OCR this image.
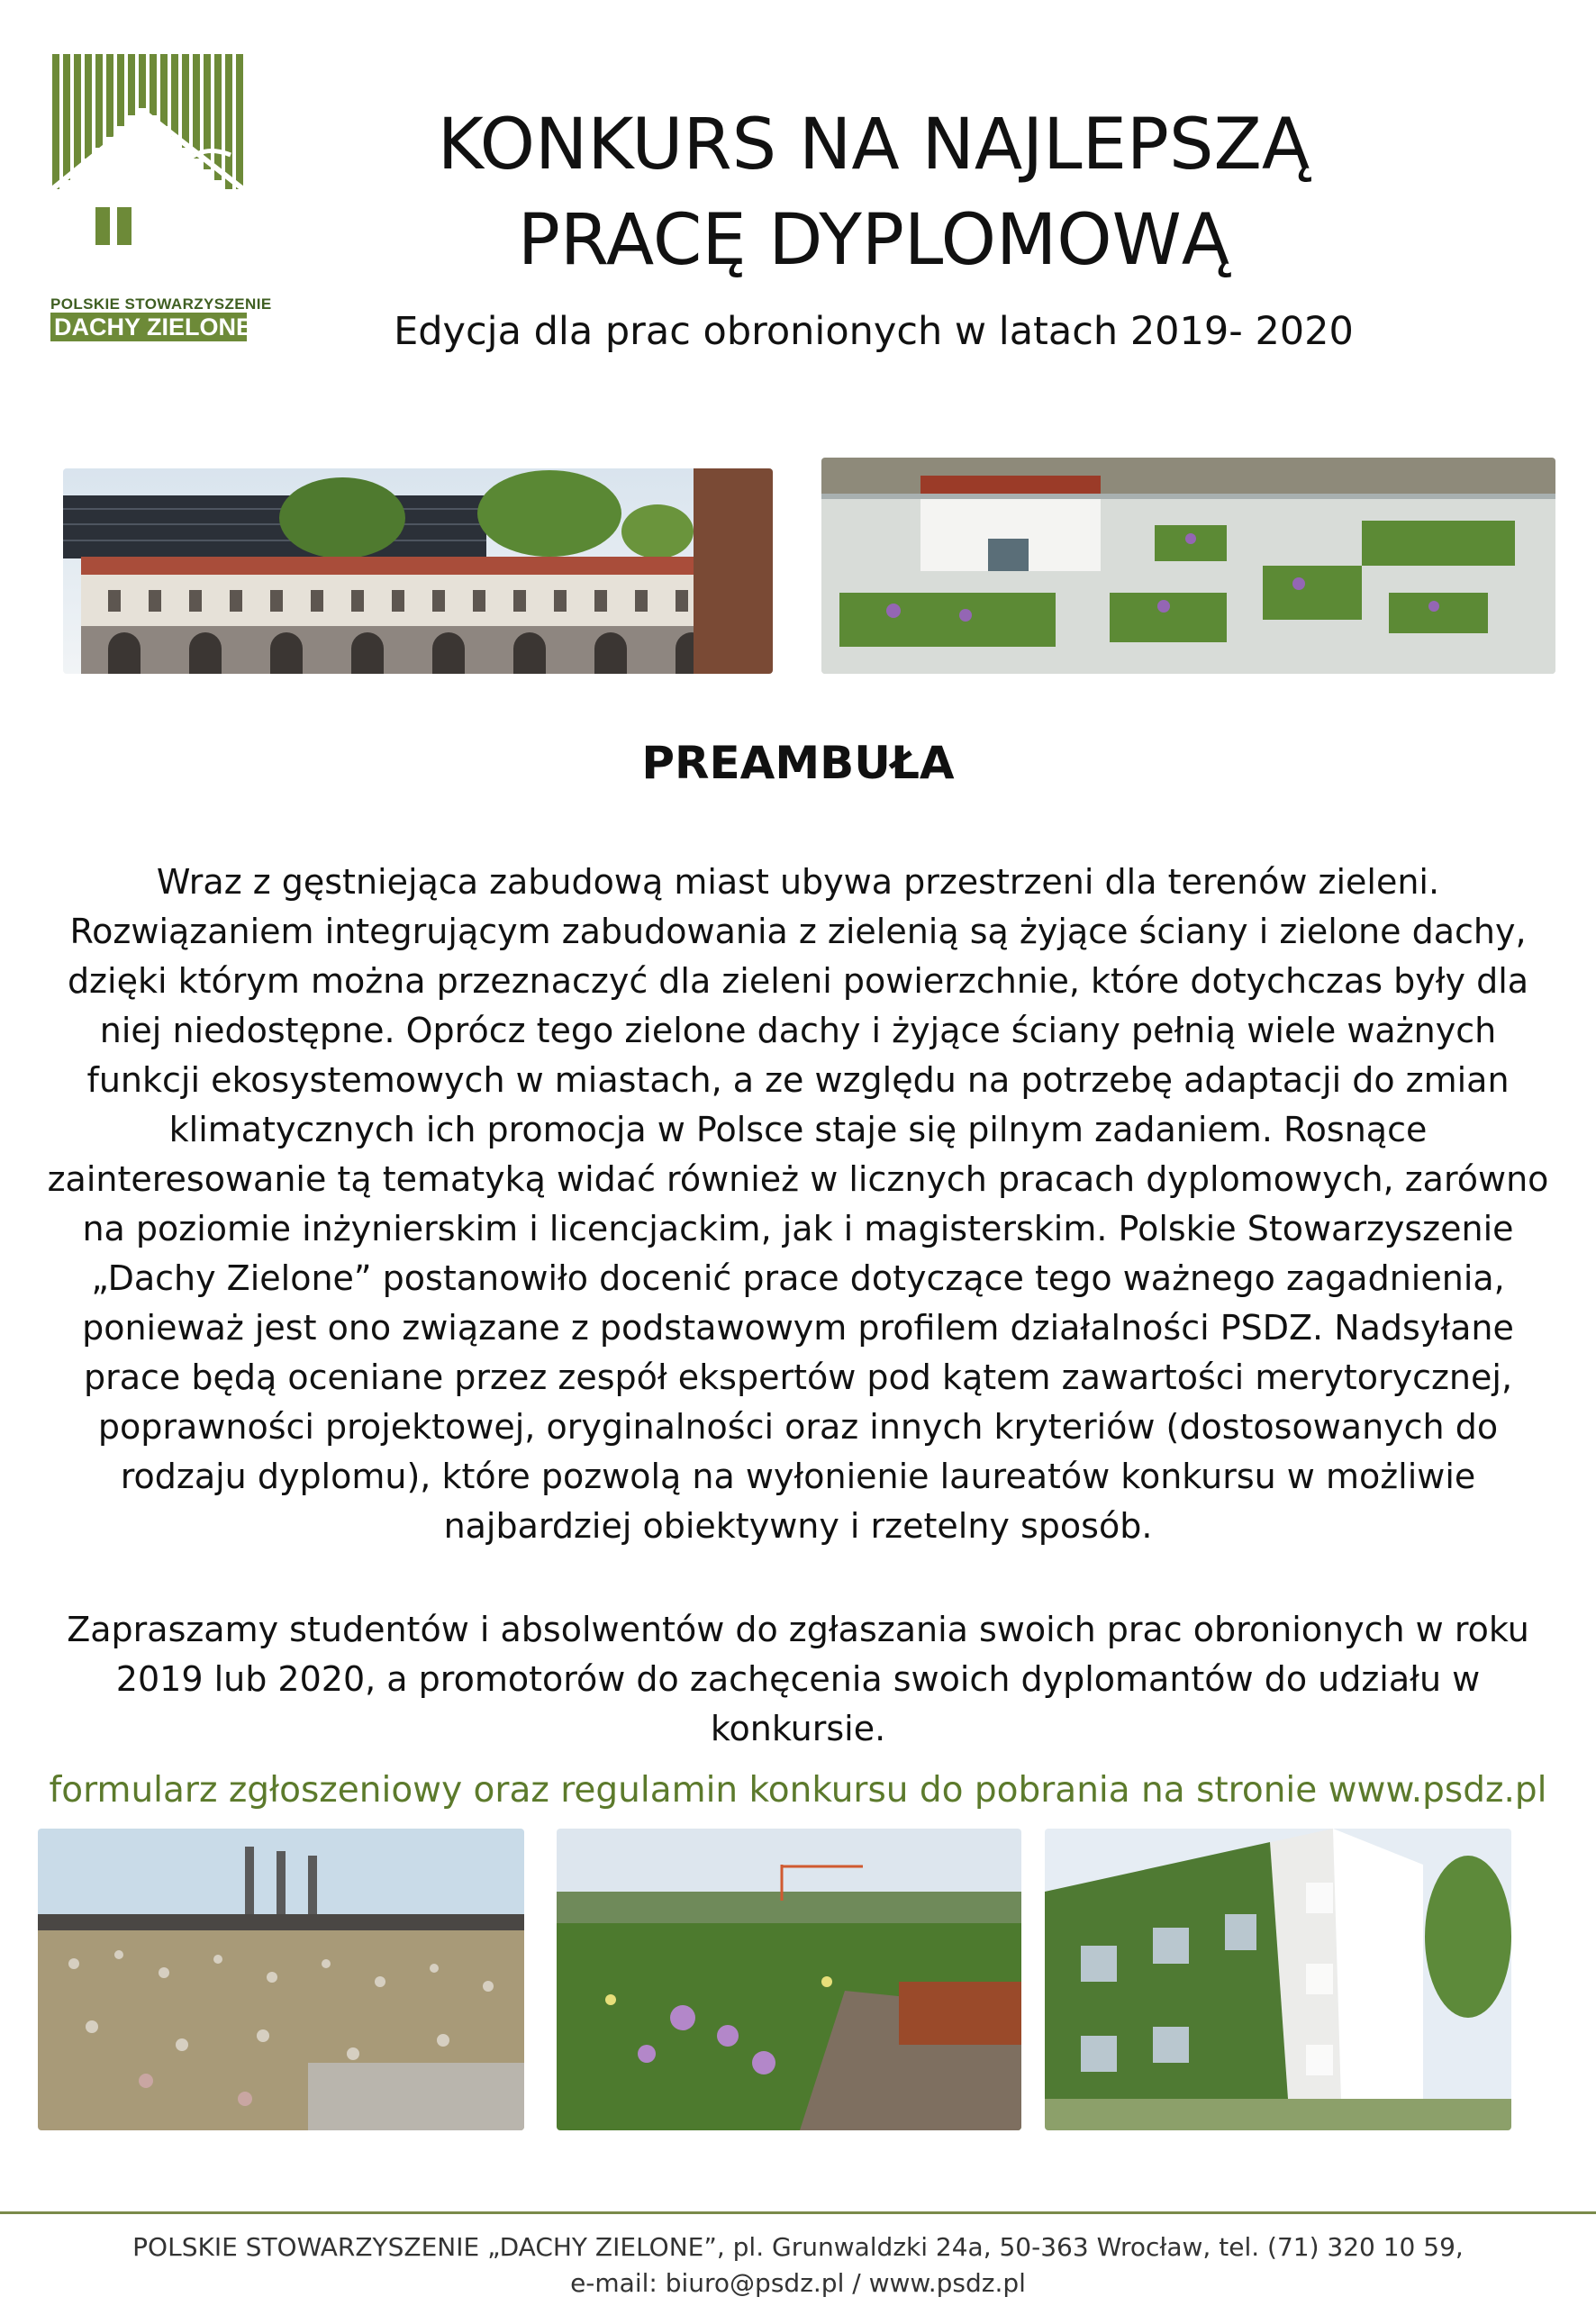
POLSKIE STOWARZYSZENIE
DACHY ZIELONE
KONKURS NA NAJLEPSZĄ
PRACĘ DYPLOMOWĄ
Edycja dla prac obronionych w latach 2019- 2020
PREAMBUŁA

Wraz z gęstniejąca zabudową miast ubywa przestrzeni dla terenów zieleni. Rozwiązaniem integrującym zabudowania z zielenią są żyjące ściany i zielone dachy, dzięki którym można przeznaczyć dla zieleni powierzchnie, które dotychczas były dla niej niedostępne. Oprócz tego zielone dachy i żyjące ściany pełnią wiele ważnych funkcji ekosystemowych w miastach, a ze względu na potrzebę adaptacji do zmian klimatycznych ich promocja w Polsce staje się pilnym zadaniem. Rosnące zainteresowanie tą tematyką widać również w licznych pracach dyplomowych, zarówno na poziomie inżynierskim i licencjackim, jak i magisterskim. Polskie Stowarzyszenie „Dachy Zielone” postanowiło docenić prace dotyczące tego ważnego zagadnienia, ponieważ jest ono związane z podstawowym profilem działalności PSDZ. Nadsyłane prace będą oceniane przez zespół ekspertów pod kątem zawartości merytorycznej, poprawności projektowej, oryginalności oraz innych kryteriów (dostosowanych do rodzaju dyplomu), które pozwolą na wyłonienie laureatów konkursu w możliwie najbardziej obiektywny i rzetelny sposób.

Zapraszamy studentów i absolwentów do zgłaszania swoich prac obronionych w roku 2019 lub 2020, a promotorów do zachęcenia swoich dyplomantów do udziału w konkursie.

formularz zgłoszeniowy oraz regulamin konkursu do pobrania na stronie www.psdz.pl

POLSKIE STOWARZYSZENIE „DACHY ZIELONE”, pl. Grunwaldzki 24a, 50-363 Wrocław, tel. (71) 320 10 59,
e-mail: biuro@psdz.pl / www.psdz.pl
